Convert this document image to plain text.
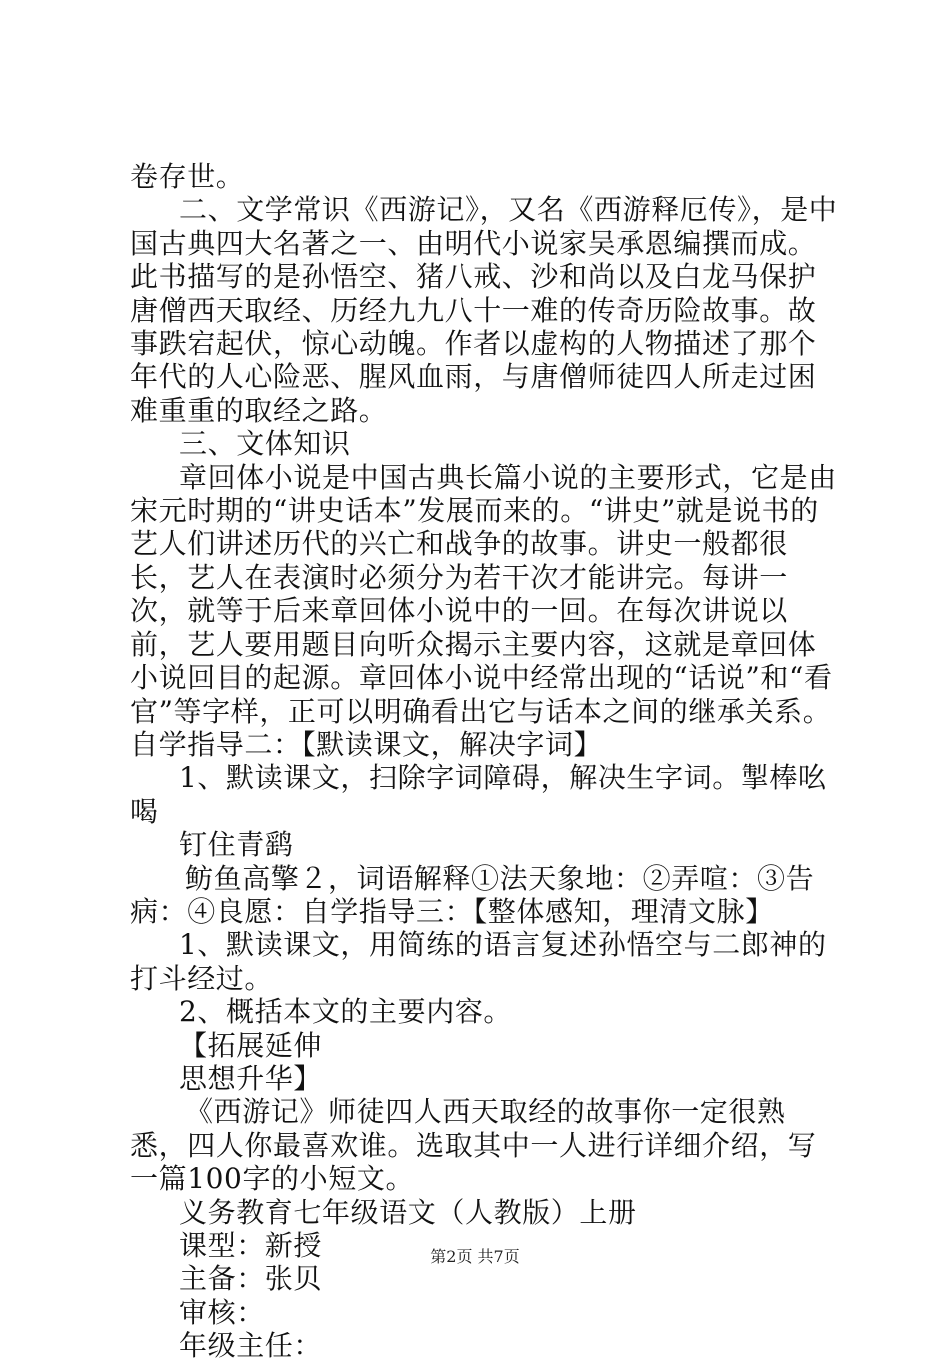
卷存世。

二、文学常识《西游记》，又名《西游释厄传》，是中国古典四大名著之一、由明代小说家吴承恩编撰而成。此书描写的是孙悟空、猪八戒、沙和尚以及白龙马保护唐僧西天取经、历经九九八十一难的传奇历险故事。故事跌宕起伏，惊心动魄。作者以虚构的人物描述了那个年代的人心险恶、腥风血雨，与唐僧师徒四人所走过困难重重的取经之路。

三、文体知识

章回体小说是中国古典长篇小说的主要形式，它是由宋元时期的“讲史话本”发展而来的。“讲史”就是说书的艺人们讲述历代的兴亡和战争的故事。讲史一般都很长，艺人在表演时必须分为若干次才能讲完。每讲一次，就等于后来章回体小说中的一回。在每次讲说以前，艺人要用题目向听众揭示主要内容，这就是章回体小说回目的起源。章回体小说中经常出现的“话说”和“看官”等字样，正可以明确看出它与话本之间的继承关系。自学指导二：【默读课文，解决字词】

1、默读课文，扫除字词障碍，解决生字词。掣棒吆喝

钉住青鹞

鲂鱼高擎２，词语解释①法天象地：②弄喧：③告病：④良愿：自学指导三：【整体感知，理清文脉】

1、默读课文，用简练的语言复述孙悟空与二郎神的打斗经过。

2、概括本文的主要内容。

【拓展延伸

思想升华】

《西游记》师徒四人西天取经的故事你一定很熟悉，四人你最喜欢谁。选取其中一人进行详细介绍，写一篇100字的小短文。

义务教育七年级语文（人教版）上册

课型：新授

主备：张贝

审核：

年级主任：

第2页 共7页
